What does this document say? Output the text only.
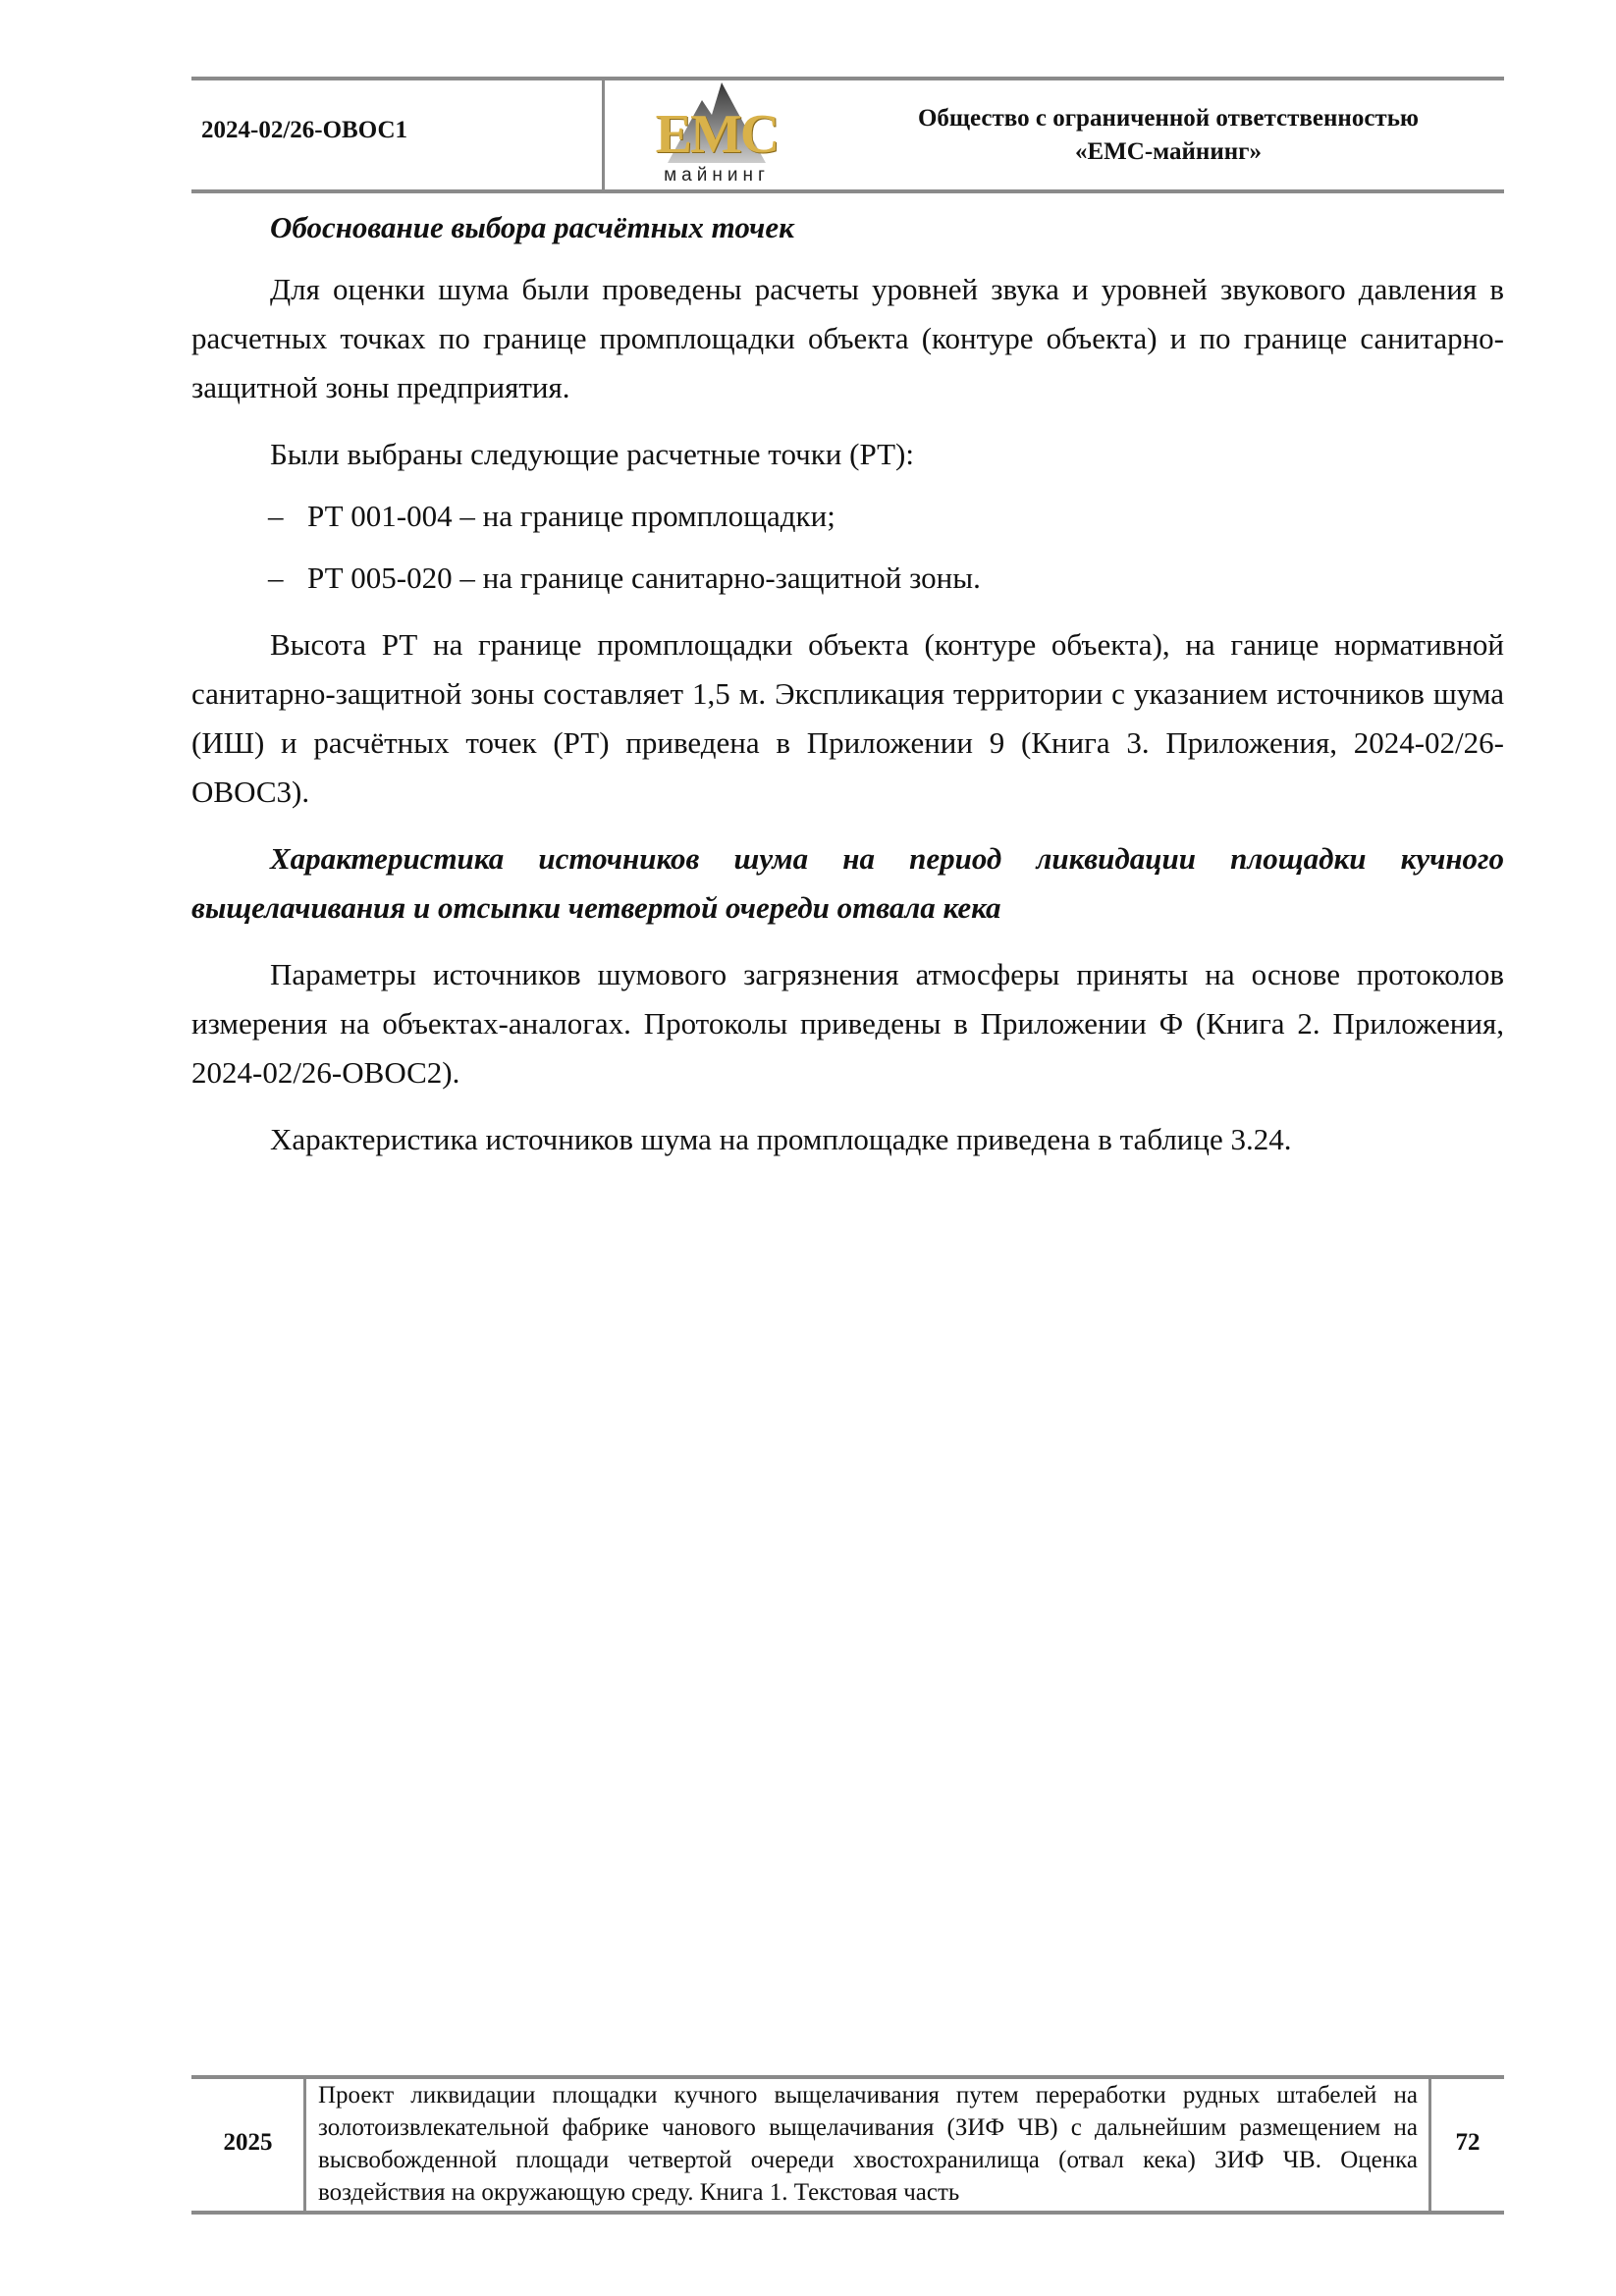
2024-02/26-ОВОС1	ЕМС
майнинг
Общество с ограниченной ответственностью
«ЕМС-майнинг»

Обоснование выбора расчётных точек

Для оценки шума были проведены расчеты уровней звука и уровней звукового давления в расчетных точках по границе промплощадки объекта (контуре объекта) и по границе санитарно-защитной зоны предприятия.

Были выбраны следующие расчетные точки (РТ):

– РТ 001-004 – на границе промплощадки;

– РТ 005-020 – на границе санитарно-защитной зоны.

Высота РТ на границе промплощадки объекта (контуре объекта), на ганице нормативной санитарно-защитной зоны составляет 1,5 м. Экспликация территории с указанием источников шума (ИШ) и расчётных точек (РТ) приведена в Приложении 9 (Книга 3. Приложения, 2024-02/26-ОВОС3).

Характеристика источников шума на период ликвидации площадки кучного выщелачивания и отсыпки четвертой очереди отвала кека

Параметры источников шумового загрязнения атмосферы приняты на основе протоколов измерения на объектах-аналогах. Протоколы приведены в Приложении Ф (Книга 2. Приложения, 2024-02/26-ОВОС2).

Характеристика источников шума на промплощадке приведена в таблице 3.24.

2025
Проект ликвидации площадки кучного выщелачивания путем переработки рудных штабелей на золотоизвлекательной фабрике чанового выщелачивания (ЗИФ ЧВ) с дальнейшим размещением на высвобожденной площади четвертой очереди хвостохранилища (отвал кека) ЗИФ ЧВ. Оценка воздействия на окружающую среду. Книга 1. Текстовая часть
72
